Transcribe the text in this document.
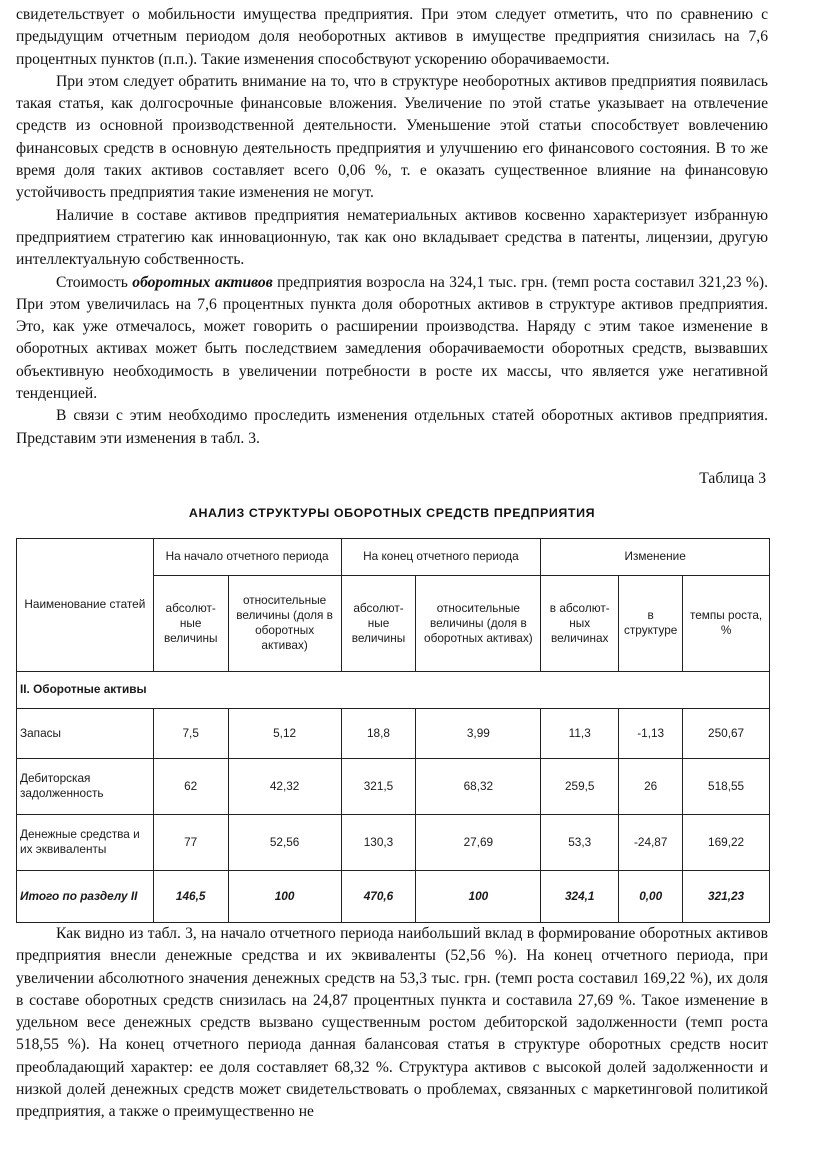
свидетельствует о мобильности имущества предприятия. При этом следует отметить, что по сравнению с предыдущим отчетным периодом доля необоротных активов в имуществе предприятия снизилась на 7,6 процентных пунктов (п.п.). Такие изменения способствуют ускорению оборачиваемости.

При этом следует обратить внимание на то, что в структуре необоротных активов предприятия появилась такая статья, как долгосрочные финансовые вложения. Увеличение по этой статье указывает на отвлечение средств из основной производственной деятельности. Уменьшение этой статьи способствует вовлечению финансовых средств в основную деятельность предприятия и улучшению его финансового состояния. В то же время доля таких активов составляет всего 0,06 %, т. е оказать существенное влияние на финансовую устойчивость предприятия такие изменения не могут.

Наличие в составе активов предприятия нематериальных активов косвенно характеризует избранную предприятием стратегию как инновационную, так как оно вкладывает средства в патенты, лицензии, другую интеллектуальную собственность.

Стоимость оборотных активов предприятия возросла на 324,1 тыс. грн. (темп роста составил 321,23 %). При этом увеличилась на 7,6 процентных пункта доля оборотных активов в структуре активов предприятия. Это, как уже отмечалось, может говорить о расширении производства. Наряду с этим такое изменение в оборотных активах может быть последствием замедления оборачиваемости оборотных средств, вызвавших объективную необходимость в увеличении потребности в росте их массы, что является уже негативной тенденцией.

В связи с этим необходимо проследить изменения отдельных статей оборотных активов предприятия. Представим эти изменения в табл. 3.

Таблица 3
АНАЛИЗ СТРУКТУРЫ ОБОРОТНЫХ СРЕДСТВ ПРЕДПРИЯТИЯ
Наименование статей	На начало отчетного периода		На конец отчетного периода		Изменение		
	абсолют-ные величины	относительные величины (доля в оборотных активах)	абсолют-ные величины	относительные величины (доля в оборотных активах)	в абсолют-ных величинах	в структуре	темпы роста, %
II. Оборотные активы							
Запасы	7,5	5,12	18,8	3,99	11,3	-1,13	250,67
Дебиторская задолженность	62	42,32	321,5	68,32	259,5	26	518,55
Денежные средства и их эквиваленты	77	52,56	130,3	27,69	53,3	-24,87	169,22
Итого по разделу II	146,5	100	470,6	100	324,1	0,00	321,23

Как видно из табл. 3, на начало отчетного периода наибольший вклад в формирование оборотных активов предприятия внесли денежные средства и их эквиваленты (52,56 %). На конец отчетного периода, при увеличении абсолютного значения денежных средств на 53,3 тыс. грн. (темп роста составил 169,22 %), их доля в составе оборотных средств снизилась на 24,87 процентных пункта и составила 27,69 %. Такое изменение в удельном весе денежных средств вызвано существенным ростом дебиторской задолженности (темп роста 518,55 %). На конец отчетного периода данная балансовая статья в структуре оборотных средств носит преобладающий характер: ее доля составляет 68,32 %. Структура активов с высокой долей задолженности и низкой долей денежных средств может свидетельствовать о проблемах, связанных с маркетинговой политикой предприятия, а также о преимущественно не
